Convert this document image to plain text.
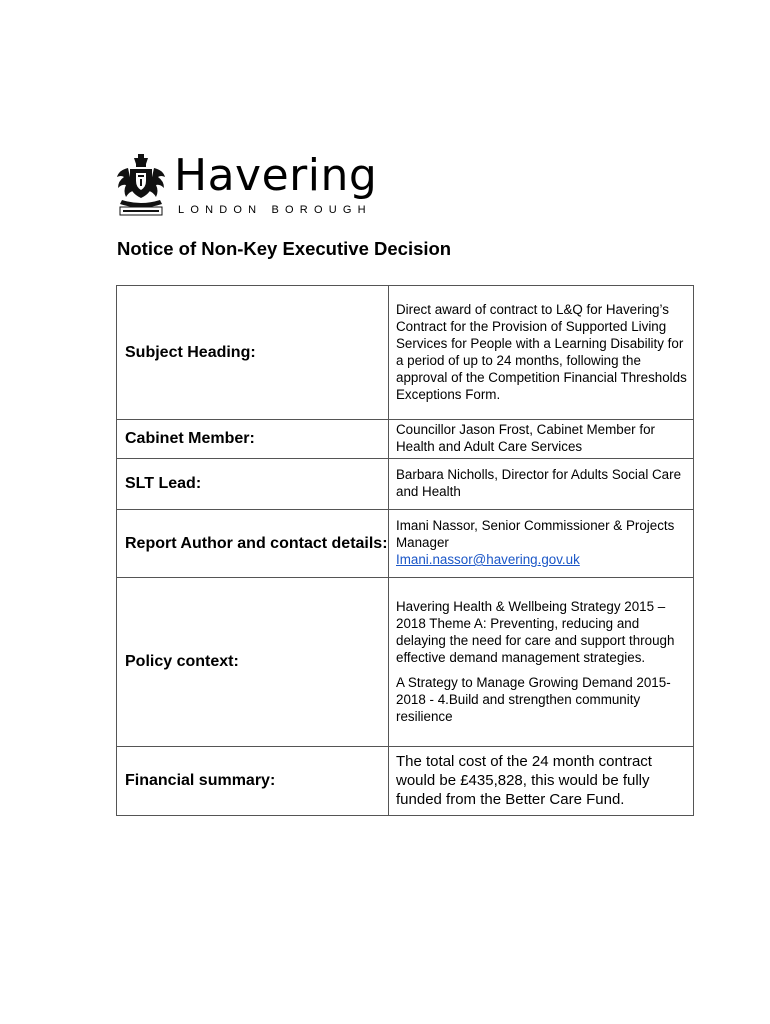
Havering
LONDON BOROUGH
Notice of Non-Key Executive Decision
Subject Heading:	Direct award of contract to L&Q for Havering’s Contract for the Provision of Supported Living Services for People with a Learning Disability for a period of up to 24 months, following the approval of the Competition Financial Thresholds Exceptions Form.

Cabinet Member:	Councillor Jason Frost, Cabinet Member for Health and Adult Care Services

SLT Lead:	Barbara Nicholls, Director for Adults Social Care and Health

Report Author and contact details:	Imani Nassor, Senior Commissioner & Projects Manager
Imani.nassor@havering.gov.uk
Policy context:	Havering Health & Wellbeing Strategy 2015 – 2018 Theme A: Preventing, reducing and delaying the need for care and support through effective demand management strategies.
A Strategy to Manage Growing Demand 2015-2018 - 4.Build and strengthen community resilience

Financial summary:	The total cost of the 24 month contract would be £435,828, this would be fully funded from the Better Care Fund.
